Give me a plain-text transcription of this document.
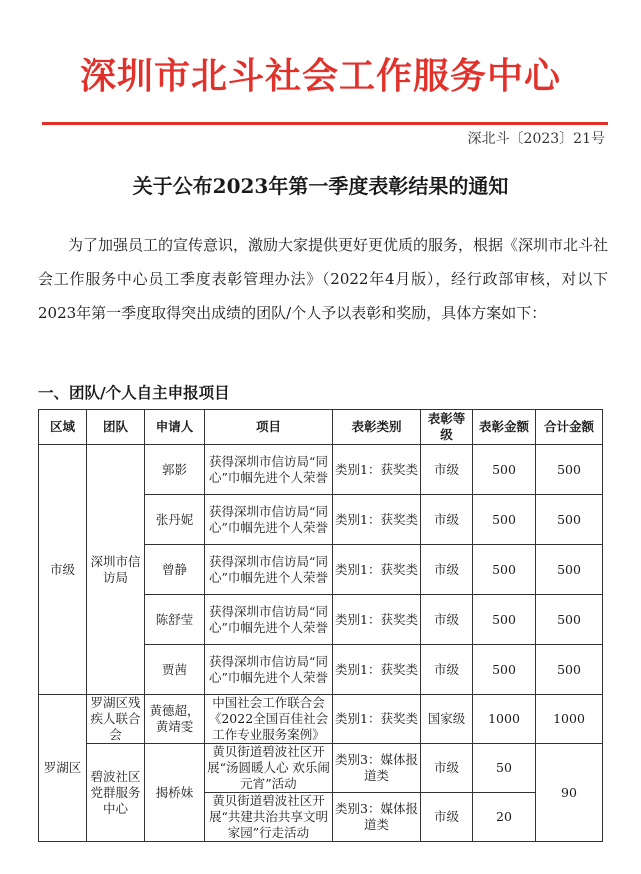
深圳市北斗社会工作服务中心
深北斗〔2023〕21号
关于公布2023年第一季度表彰结果的通知
为了加强员工的宣传意识，激励大家提供更好更优质的服务，根据《深圳市北斗社会工作服务中心员工季度表彰管理办法》（2022年4月版），经行政部审核，对以下2023年第一季度取得突出成绩的团队/个人予以表彰和奖励，具体方案如下：
一、团队/个人自主申报项目
区域	团队	申请人	项目	表彰类别	表彰等级	表彰金额	合计金额
市级	深圳市信访局	郭影	获得深圳市信访局“同心”巾帼先进个人荣誉	类别1：获奖类	市级	500	500
		张丹妮	获得深圳市信访局“同心”巾帼先进个人荣誉	类别1：获奖类	市级	500	500
		曾静	获得深圳市信访局“同心”巾帼先进个人荣誉	类别1：获奖类	市级	500	500
		陈舒莹	获得深圳市信访局“同心”巾帼先进个人荣誉	类别1：获奖类	市级	500	500
		贾茜	获得深圳市信访局“同心”巾帼先进个人荣誉	类别1：获奖类	市级	500	500
罗湖区	罗湖区残疾人联合会	黄德超，黄靖雯	中国社会工作联合会《2022全国百佳社会工作专业服务案例》	类别1：获奖类	国家级	1000	1000
	碧波社区党群服务中心	揭桥妹	黄贝街道碧波社区开展“汤圆暖人心 欢乐闹元宵”活动	类别3：媒体报道类	市级	50	90
			黄贝街道碧波社区开展“共建共治共享文明家园”行走活动	类别3：媒体报道类	市级	20	
